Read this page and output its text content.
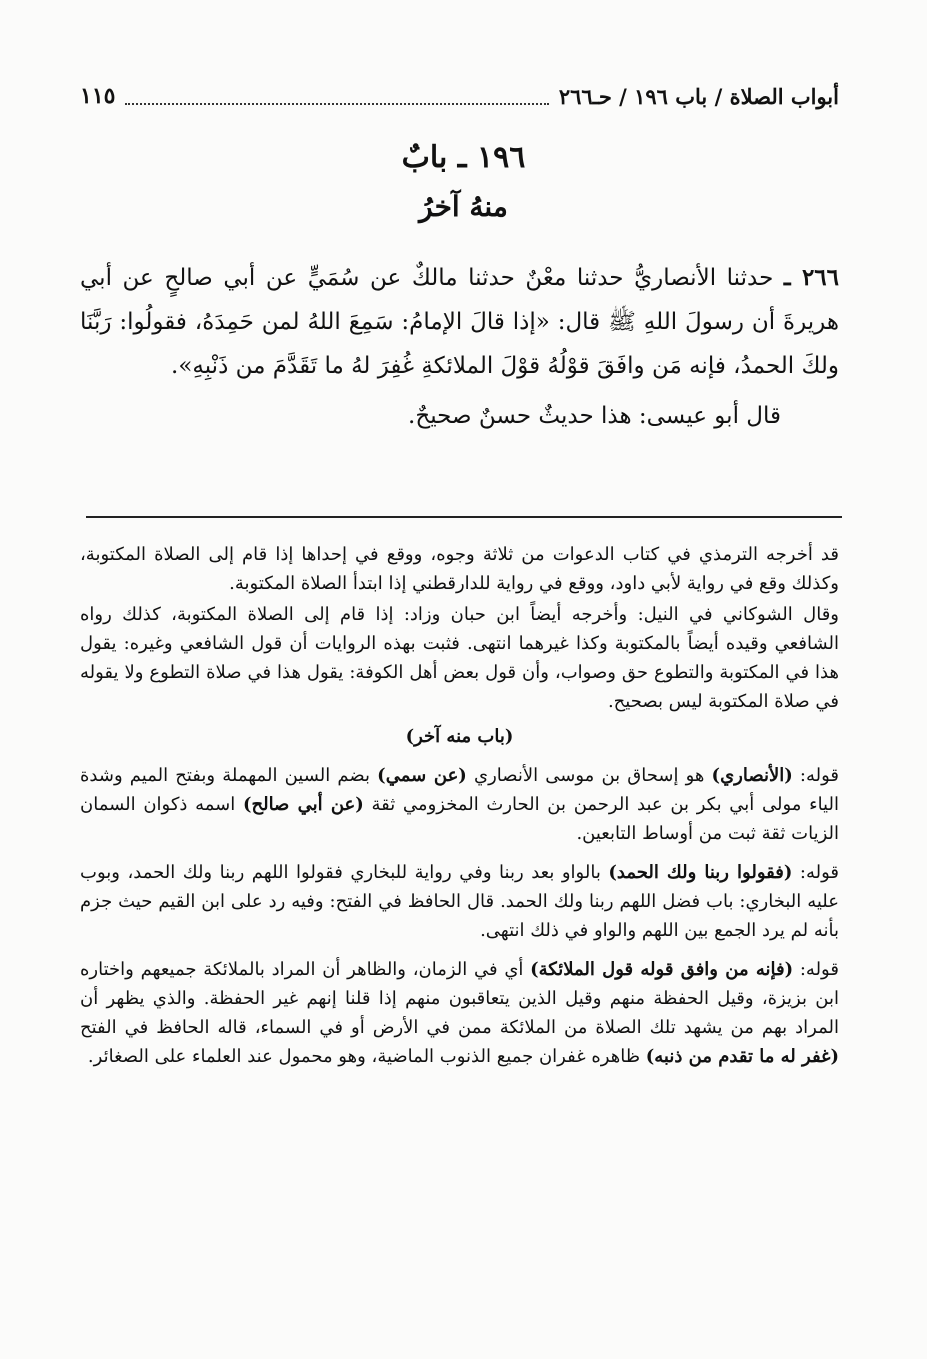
أبواب الصلاة / باب ١٩٦ / حـ٢٦٦
١١٥
١٩٦ ـ بابٌ
منهُ آخرُ

٢٦٦ ـ حدثنا الأنصاريُّ حدثنا معْنٌ حدثنا مالكٌ عن سُمَيٍّ عن أبي صالحٍ عن أبي هريرةَ أن رسولَ اللهِ ﷺ قال: «إذا قالَ الإمامُ: سَمِعَ اللهُ لمن حَمِدَهُ، فقولُوا: رَبَّنَا ولكَ الحمدُ، فإنه مَن وافَقَ قوْلُهُ قوْلَ الملائكةِ غُفِرَ لهُ ما تَقَدَّمَ من ذَنْبِهِ».

قال أبو عيسى: هذا حديثٌ حسنٌ صحيحٌ.

قد أخرجه الترمذي في كتاب الدعوات من ثلاثة وجوه، ووقع في إحداها إذا قام إلى الصلاة المكتوبة، وكذلك وقع في رواية لأبي داود، ووقع في رواية للدارقطني إذا ابتدأ الصلاة المكتوبة.

وقال الشوكاني في النيل: وأخرجه أيضاً ابن حبان وزاد: إذا قام إلى الصلاة المكتوبة، كذلك رواه الشافعي وقيده أيضاً بالمكتوبة وكذا غيرهما انتهى. فثبت بهذه الروايات أن قول الشافعي وغيره: يقول هذا في المكتوبة والتطوع حق وصواب، وأن قول بعض أهل الكوفة: يقول هذا في صلاة التطوع ولا يقوله في صلاة المكتوبة ليس بصحيح.

(باب منه آخر)

قوله: (الأنصاري) هو إسحاق بن موسى الأنصاري (عن سمي) بضم السين المهملة وبفتح الميم وشدة الياء مولى أبي بكر بن عبد الرحمن بن الحارث المخزومي ثقة (عن أبي صالح) اسمه ذكوان السمان الزيات ثقة ثبت من أوساط التابعين.

قوله: (فقولوا ربنا ولك الحمد) بالواو بعد ربنا وفي رواية للبخاري فقولوا اللهم ربنا ولك الحمد، وبوب عليه البخاري: باب فضل اللهم ربنا ولك الحمد. قال الحافظ في الفتح: وفيه رد على ابن القيم حيث جزم بأنه لم يرد الجمع بين اللهم والواو في ذلك انتهى.

قوله: (فإنه من وافق قوله قول الملائكة) أي في الزمان، والظاهر أن المراد بالملائكة جميعهم واختاره ابن بزيزة، وقيل الحفظة منهم وقيل الذين يتعاقبون منهم إذا قلنا إنهم غير الحفظة. والذي يظهر أن المراد بهم من يشهد تلك الصلاة من الملائكة ممن في الأرض أو في السماء، قاله الحافظ في الفتح (غفر له ما تقدم من ذنبه) ظاهره غفران جميع الذنوب الماضية، وهو محمول عند العلماء على الصغائر.
